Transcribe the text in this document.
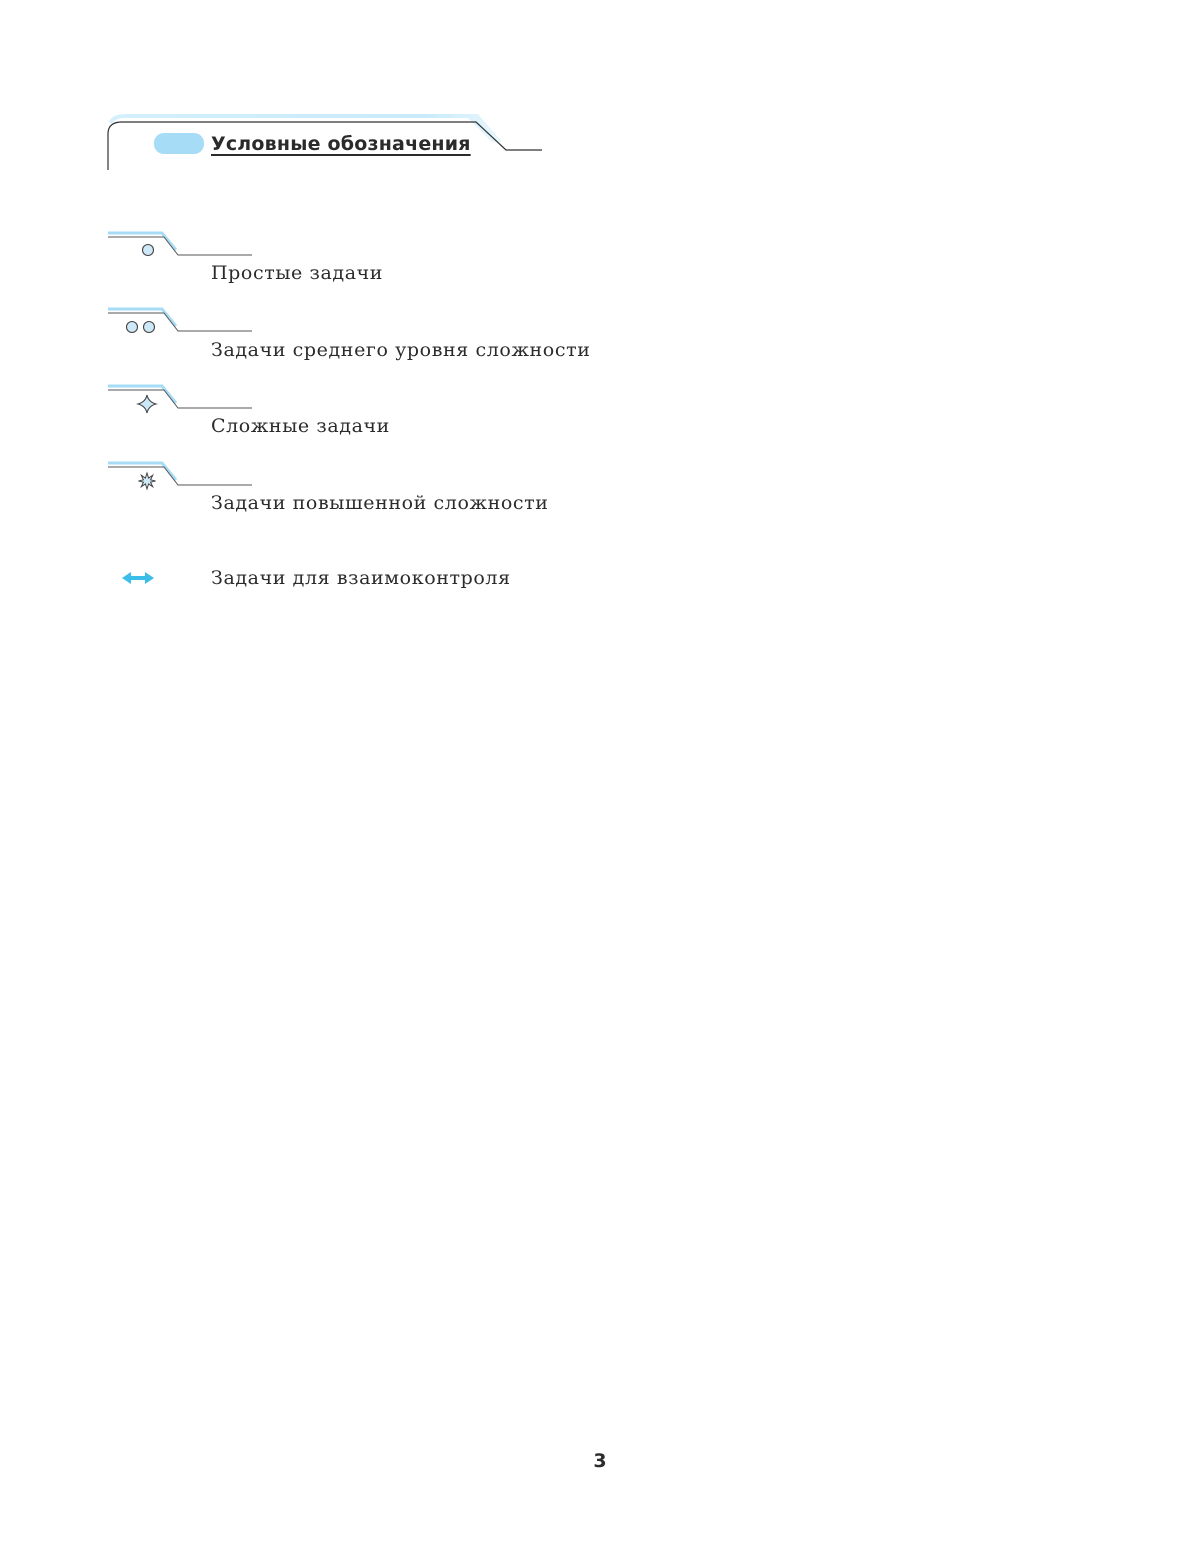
Условные обозначения
Простые задачи
Задачи среднего уровня сложности
Сложные задачи
Задачи повышенной сложности
Задачи для взаимоконтроля
3
